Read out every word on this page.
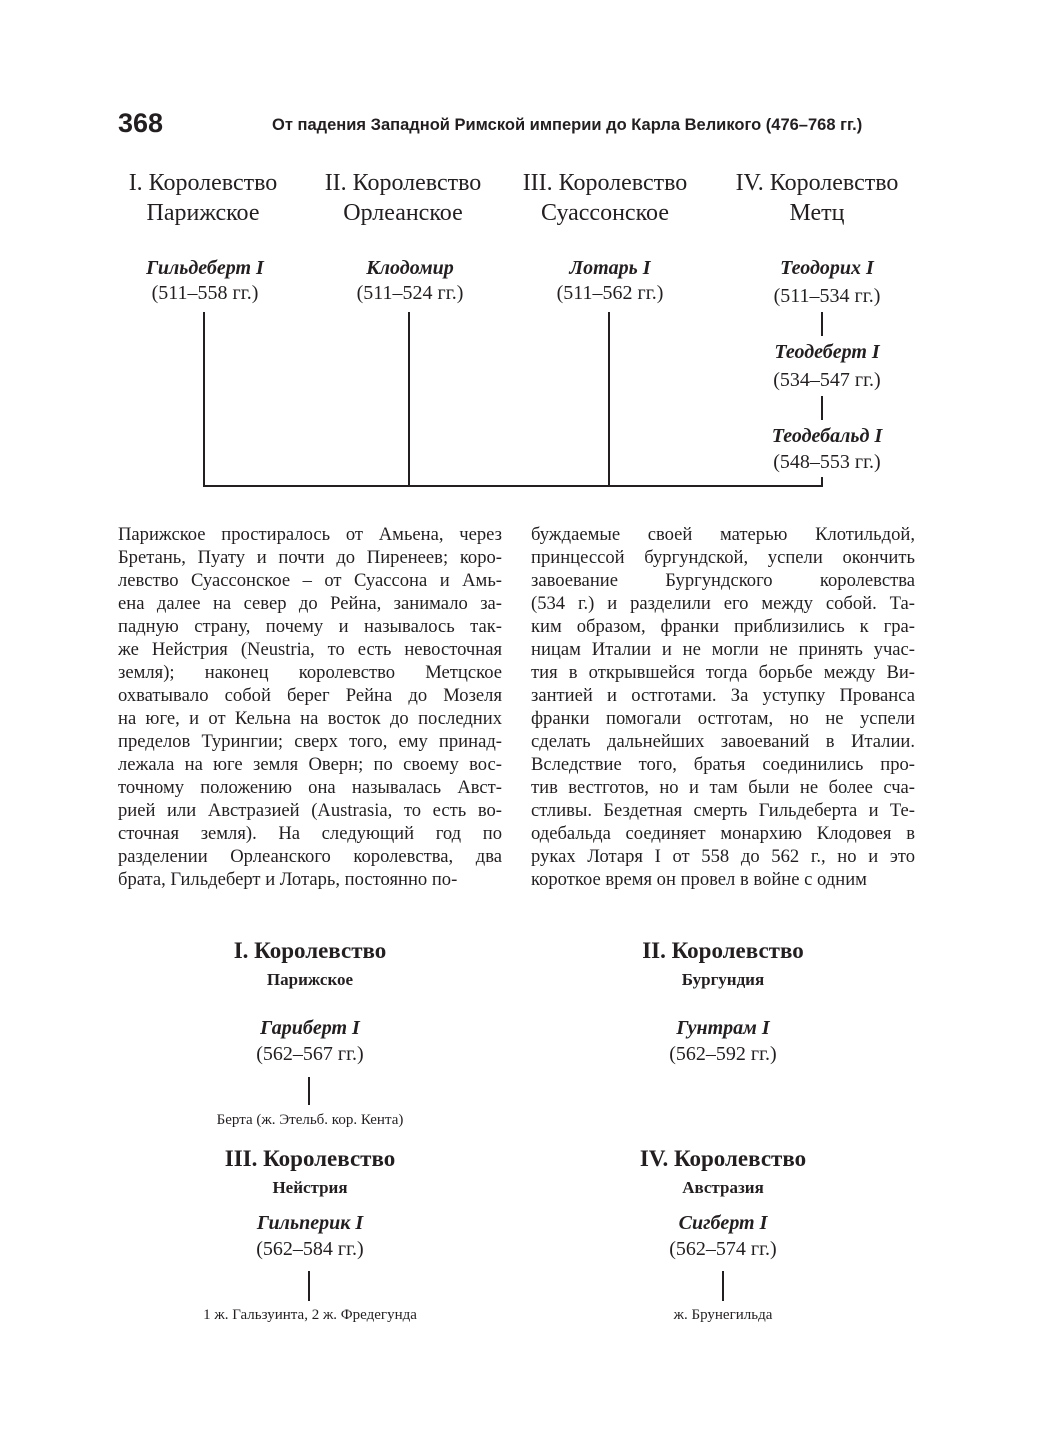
368	От падения Западной Римской империи до Карла Великого (476–768 гг.)
I. Королевство
Парижское
II. Королевство
Орлеанское
III. Королевство
Суассонское
IV. Королевство
Метц
Гильдеберт I
(511–558 гг.)
Клодомир
(511–524 гг.)
Лотарь I
(511–562 гг.)
Теодорих I
(511–534 гг.)
Теодеберт I
(534–547 гг.)
Теодебальд I
(548–553 гг.)
Парижское простиралось от Амьена, через
Бретань, Пуату и почти до Пиренеев; коро-
левство Суассонское – от Суассона и Амь-
ена далее на север до Рейна, занимало за-
падную страну, почему и называлось так-
же Нейстрия (Neustria, то есть невосточная
земля); наконец королевство Метцское
охватывало собой берег Рейна до Мозеля
на юге, и от Кельна на восток до последних
пределов Турингии; сверх того, ему принад-
лежала на юге земля Оверн; по своему вос-
точному положению она называлась Авст-
рией или Австразией (Austrasia, то есть во-
сточная земля). На следующий год по
разделении Орлеанского королевства, два
брата, Гильдеберт и Лотарь, постоянно по-
буждаемые своей матерью Клотильдой,
принцессой бургундской, успели окончить
завоевание Бургундского королевства
(534 г.) и разделили его между собой. Та-
ким образом, франки приблизились к гра-
ницам Италии и не могли не принять учас-
тия в открывшейся тогда борьбе между Ви-
зантией и остготами. За уступку Прованса
франки помогали остготам, но не успели
сделать дальнейших завоеваний в Италии.
Вследствие того, братья соединились про-
тив вестготов, но и там были не более сча-
стливы. Бездетная смерть Гильдеберта и Те-
одебальда соединяет монархию Клодовея в
руках Лотаря I от 558 до 562 г., но и это
короткое время он провел в войне с одним
I. Королевство
Парижское
Гариберт I
(562–567 гг.)
Берта (ж. Этельб. кор. Кента)
II. Королевство
Бургундия
Гунтрам I
(562–592 гг.)
III. Королевство
Нейстрия
Гильперик I
(562–584 гг.)
1 ж. Гальзуинта, 2 ж. Фредегунда
IV. Королевство
Австразия
Сигберт I
(562–574 гг.)
ж. Брунегильда
